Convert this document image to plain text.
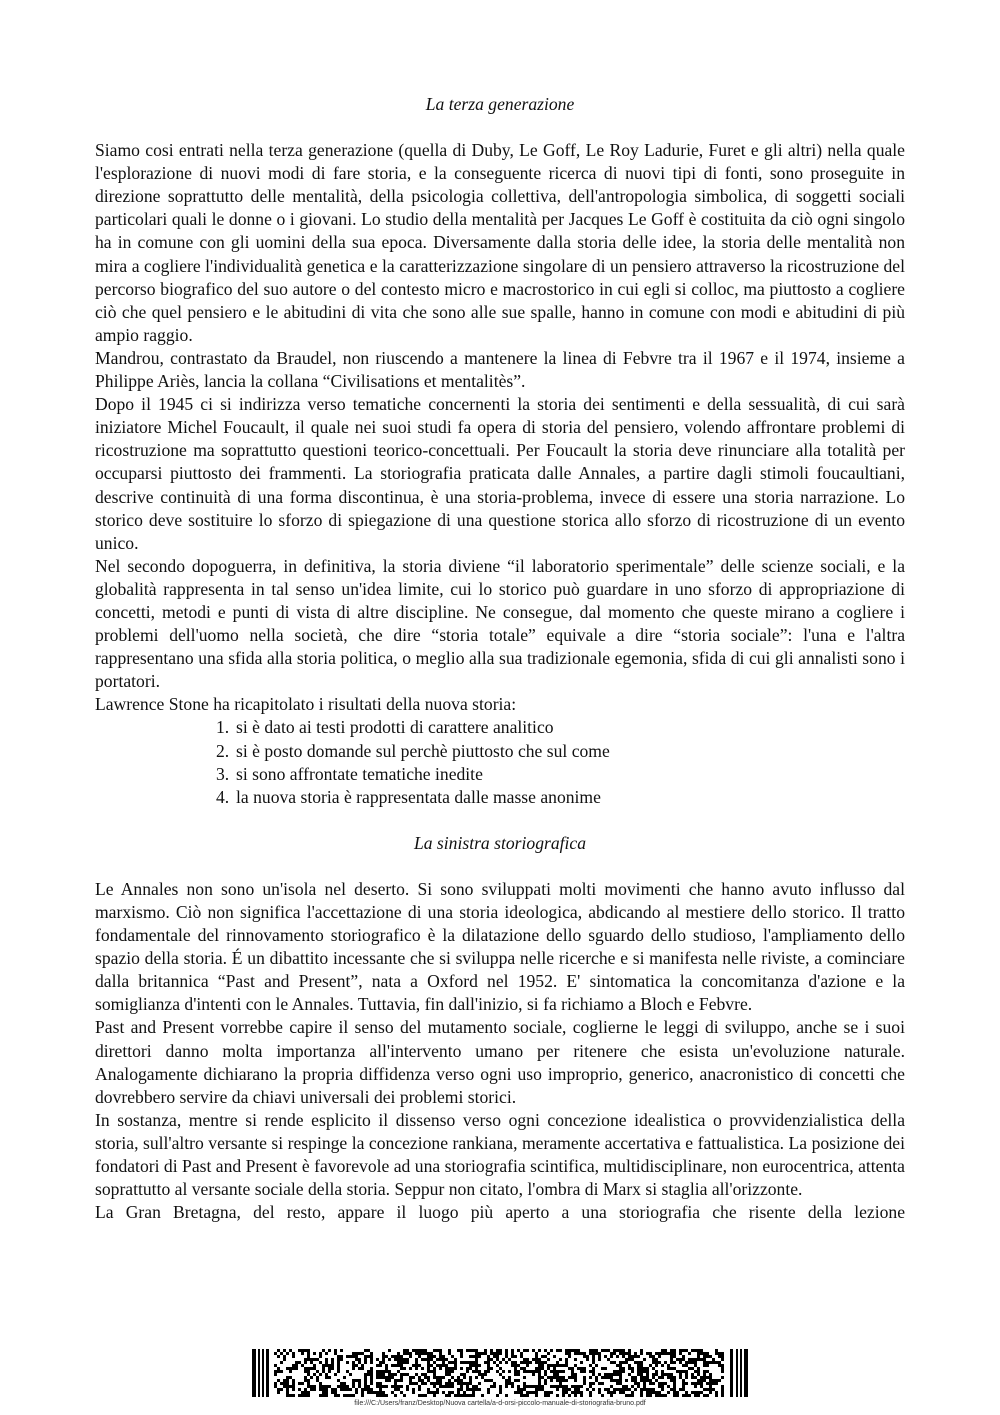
La terza generazione

Siamo cosi entrati nella terza generazione (quella di Duby, Le Goff, Le Roy Ladurie, Furet e gli altri) nella quale l'esplorazione di nuovi modi di fare storia, e la conseguente ricerca di nuovi tipi di fonti, sono proseguite in direzione soprattutto delle mentalità, della psicologia collettiva, dell'antropologia simbolica, di soggetti sociali particolari quali le donne o i giovani. Lo studio della mentalità per Jacques Le Goff è costituita da ciò ogni singolo ha in comune con gli uomini della sua epoca. Diversamente dalla storia delle idee, la storia delle mentalità non mira a cogliere l'individualità genetica e la caratterizzazione singolare di un pensiero attraverso la ricostruzione del percorso biografico del suo autore o del contesto micro e macrostorico in cui egli si colloc, ma piuttosto a cogliere ciò che quel pensiero e le abitudini di vita che sono alle sue spalle, hanno in comune con modi e abitudini di più ampio raggio.

Mandrou, contrastato da Braudel, non riuscendo a mantenere la linea di Febvre tra il 1967 e il 1974, insieme a Philippe Ariès, lancia la collana “Civilisations et mentalitès”.

Dopo il 1945 ci si indirizza verso tematiche concernenti la storia dei sentimenti e della sessualità, di cui sarà iniziatore Michel Foucault, il quale nei suoi studi fa opera di storia del pensiero, volendo affrontare problemi di ricostruzione ma soprattutto questioni teorico-concettuali. Per Foucault la storia deve rinunciare alla totalità per occuparsi piuttosto dei frammenti. La storiografia praticata dalle Annales, a partire dagli stimoli foucaultiani, descrive continuità di una forma discontinua, è una storia-problema, invece di essere una storia narrazione. Lo storico deve sostituire lo sforzo di spiegazione di una questione storica allo sforzo di ricostruzione di un evento unico.

Nel secondo dopoguerra, in definitiva, la storia diviene “il laboratorio sperimentale” delle scienze sociali, e la globalità rappresenta in tal senso un'idea limite, cui lo storico può guardare in uno sforzo di appropriazione di concetti, metodi e punti di vista di altre discipline. Ne consegue, dal momento che queste mirano a cogliere i problemi dell'uomo nella società, che dire “storia totale” equivale a dire “storia sociale”: l'una e l'altra rappresentano una sfida alla storia politica, o meglio alla sua tradizionale egemonia, sfida di cui gli annalisti sono i portatori.

Lawrence Stone ha ricapitolato i risultati della nuova storia:

1. si è dato ai testi prodotti di carattere analitico
2. si è posto domande sul perchè piuttosto che sul come
3. si sono affrontate tematiche inedite
4. la nuova storia è rappresentata dalle masse anonime

La sinistra storiografica

Le Annales non sono un'isola nel deserto. Si sono sviluppati molti movimenti che hanno avuto influsso dal marxismo. Ciò non significa l'accettazione di una storia ideologica, abdicando al mestiere dello storico. Il tratto fondamentale del rinnovamento storiografico è la dilatazione dello sguardo dello studioso, l'ampliamento dello spazio della storia. É un dibattito incessante che si sviluppa nelle ricerche e si manifesta nelle riviste, a cominciare dalla britannica “Past and Present”, nata a Oxford nel 1952. E' sintomatica la concomitanza d'azione e la somiglianza d'intenti con le Annales. Tuttavia, fin dall'inizio, si fa richiamo a Bloch e Febvre.

Past and Present vorrebbe capire il senso del mutamento sociale, coglierne le leggi di sviluppo, anche se i suoi direttori danno molta importanza all'intervento umano per ritenere che esista un'evoluzione naturale. Analogamente dichiarano la propria diffidenza verso ogni uso improprio, generico, anacronistico di concetti che dovrebbero servire da chiavi universali dei problemi storici.

In sostanza, mentre si rende esplicito il dissenso verso ogni concezione idealistica o provvidenzialistica della storia, sull'altro versante si respinge la concezione rankiana, meramente accertativa e fattualistica. La posizione dei fondatori di Past and Present è favorevole ad una storiografia scintifica, multidisciplinare, non eurocentrica, attenta soprattutto al versante sociale della storia. Seppur non citato, l'ombra di Marx si staglia all'orizzonte.

La Gran Bretagna, del resto, appare il luogo più aperto a una storiografia che risente della lezione

file:///C:/Users/franz/Desktop/Nuova cartella/a-d-orsi-piccolo-manuale-di-storiografia-bruno.pdf
